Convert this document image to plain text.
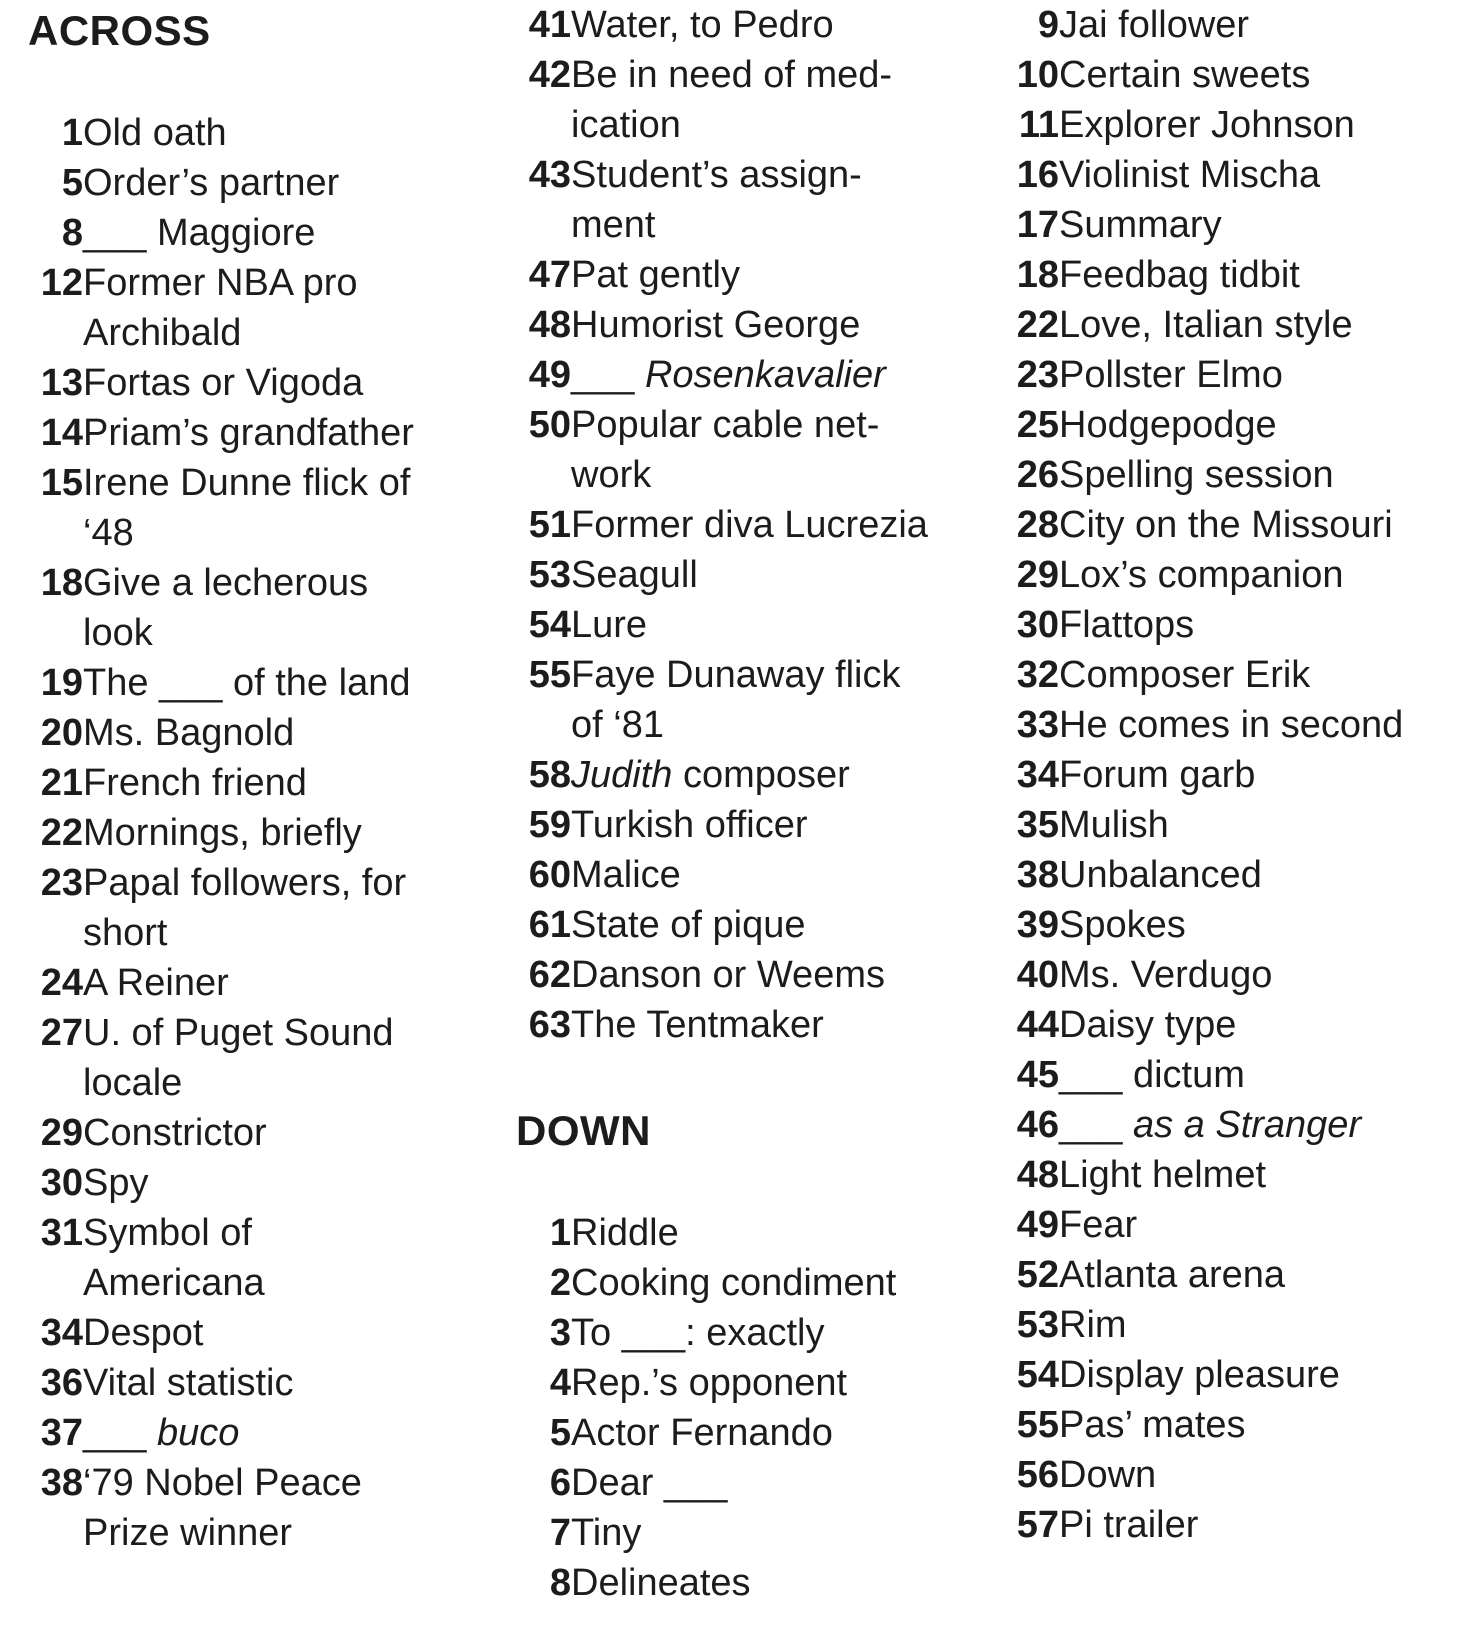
ACROSS
1 Old oath
5 Order’s partner
8 ___ Maggiore
12 Former NBA pro
Archibald
13 Fortas or Vigoda
14 Priam’s grandfather
15 Irene Dunne flick of
‘48
18 Give a lecherous
look
19 The ___ of the land
20 Ms. Bagnold
21 French friend
22 Mornings, briefly
23 Papal followers, for
short
24 A Reiner
27 U. of Puget Sound
locale
29 Constrictor
30 Spy
31 Symbol of
Americana
34 Despot
36 Vital statistic
37 ___ buco
38 ‘79 Nobel Peace
Prize winner
41 Water, to Pedro
42 Be in need of med-
ication
43 Student’s assign-
ment
47 Pat gently
48 Humorist George
49 ___ Rosenkavalier
50 Popular cable net-
work
51 Former diva Lucrezia
53 Seagull
54 Lure
55 Faye Dunaway flick
of ‘81
58 Judith composer
59 Turkish officer
60 Malice
61 State of pique
62 Danson or Weems
63 The Tentmaker
DOWN
1 Riddle
2 Cooking condiment
3 To ___: exactly
4 Rep.’s opponent
5 Actor Fernando
6 Dear ___
7 Tiny
8 Delineates
9 Jai follower
10 Certain sweets
11 Explorer Johnson
16 Violinist Mischa
17 Summary
18 Feedbag tidbit
22 Love, Italian style
23 Pollster Elmo
25 Hodgepodge
26 Spelling session
28 City on the Missouri
29 Lox’s companion
30 Flattops
32 Composer Erik
33 He comes in second
34 Forum garb
35 Mulish
38 Unbalanced
39 Spokes
40 Ms. Verdugo
44 Daisy type
45 ___ dictum
46 ___ as a Stranger
48 Light helmet
49 Fear
52 Atlanta arena
53 Rim
54 Display pleasure
55 Pas’ mates
56 Down
57 Pi trailer
